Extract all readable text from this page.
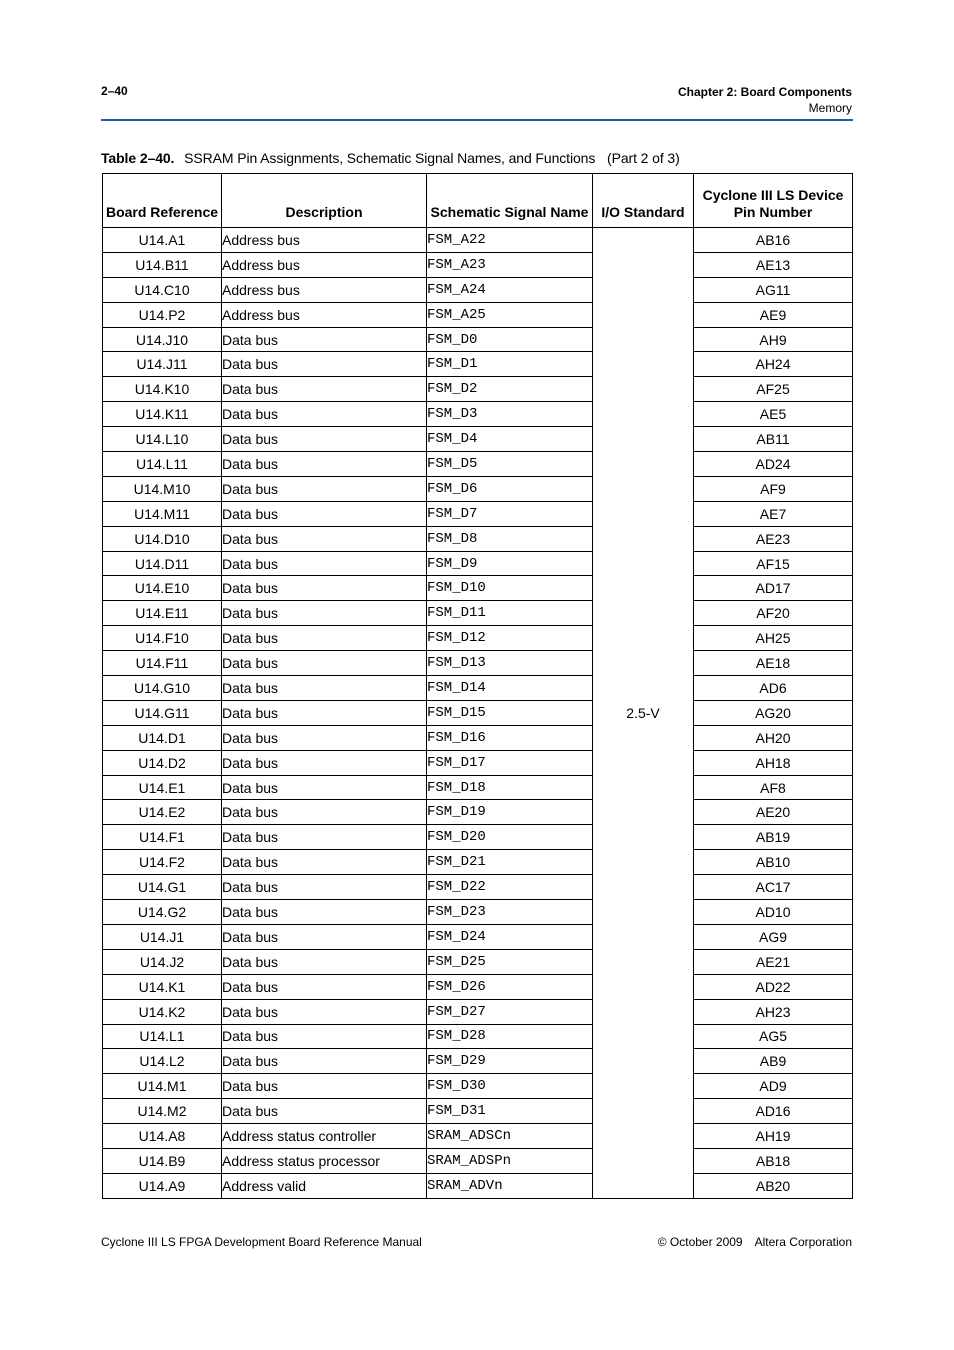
2–40	Chapter 2: Board Components
Memory
Table 2–40. SSRAM Pin Assignments, Schematic Signal Names, and Functions (Part 2 of 3)
Board Reference	Description	Schematic Signal Name	I/O Standard	Cyclone III LS Device Pin Number
U14.A1	Address bus	FSM_A22	2.5-V	AB16
U14.B11	Address bus	FSM_A23		AE13
U14.C10	Address bus	FSM_A24		AG11
U14.P2	Address bus	FSM_A25		AE9
U14.J10	Data bus	FSM_D0		AH9
U14.J11	Data bus	FSM_D1		AH24
U14.K10	Data bus	FSM_D2		AF25
U14.K11	Data bus	FSM_D3		AE5
U14.L10	Data bus	FSM_D4		AB11
U14.L11	Data bus	FSM_D5		AD24
U14.M10	Data bus	FSM_D6		AF9
U14.M11	Data bus	FSM_D7		AE7
U14.D10	Data bus	FSM_D8		AE23
U14.D11	Data bus	FSM_D9		AF15
U14.E10	Data bus	FSM_D10		AD17
U14.E11	Data bus	FSM_D11		AF20
U14.F10	Data bus	FSM_D12		AH25
U14.F11	Data bus	FSM_D13		AE18
U14.G10	Data bus	FSM_D14		AD6
U14.G11	Data bus	FSM_D15		AG20
U14.D1	Data bus	FSM_D16		AH20
U14.D2	Data bus	FSM_D17		AH18
U14.E1	Data bus	FSM_D18		AF8
U14.E2	Data bus	FSM_D19		AE20
U14.F1	Data bus	FSM_D20		AB19
U14.F2	Data bus	FSM_D21		AB10
U14.G1	Data bus	FSM_D22		AC17
U14.G2	Data bus	FSM_D23		AD10
U14.J1	Data bus	FSM_D24		AG9
U14.J2	Data bus	FSM_D25		AE21
U14.K1	Data bus	FSM_D26		AD22
U14.K2	Data bus	FSM_D27		AH23
U14.L1	Data bus	FSM_D28		AG5
U14.L2	Data bus	FSM_D29		AB9
U14.M1	Data bus	FSM_D30		AD9
U14.M2	Data bus	FSM_D31		AD16
U14.A8	Address status controller	SRAM_ADSCn		AH19
U14.B9	Address status processor	SRAM_ADSPn		AB18
U14.A9	Address valid	SRAM_ADVn		AB20
Cyclone III LS FPGA Development Board Reference Manual	© October 2009 Altera Corporation
